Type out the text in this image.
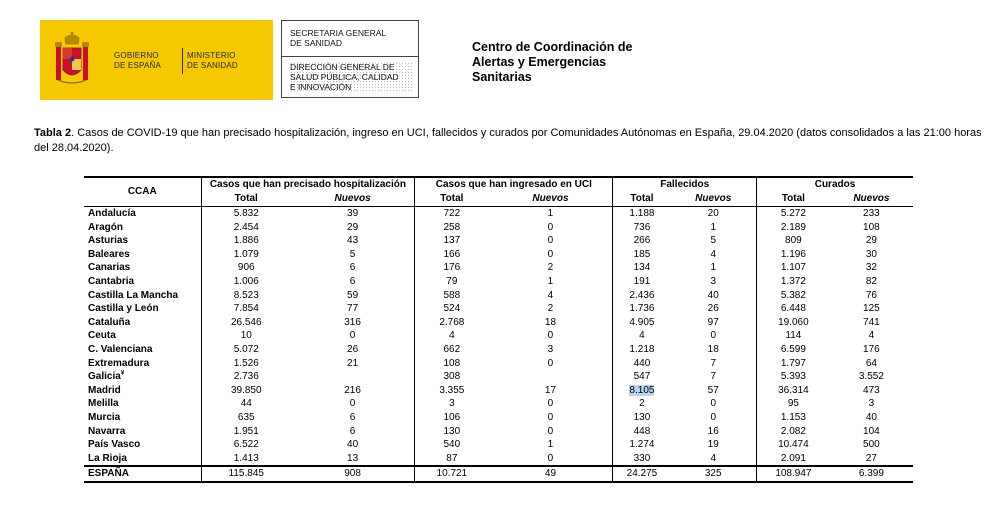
GOBIERNO
DE ESPAÑA
MINISTERIO
DE SANIDAD
SECRETARIA GENERAL
DE SANIDAD
DIRECCIÓN GENERAL DE
SALUD PÚBLICA, CALIDAD
E INNOVACIÓN
Centro de Coordinación de
Alertas y Emergencias
Sanitarias
Tabla 2. Casos de COVID-19 que han precisado hospitalización, ingreso en UCI, fallecidos y curados por Comunidades Autónomas en España, 29.04.2020 (datos consolidados a las 21:00 horas del 28.04.2020).
CCAA	Casos que han precisado hospitalización		Casos que han ingresado en UCI		Fallecidos		Curados	
	Total	Nuevos	Total	Nuevos	Total	Nuevos	Total	Nuevos
Andalucía	5.832	39	722	1	1.188	20	5.272	233
Aragón	2.454	29	258	0	736	1	2.189	108
Asturias	1.886	43	137	0	266	5	809	29
Baleares	1.079	5	166	0	185	4	1.196	30
Canarias	906	6	176	2	134	1	1.107	32
Cantabria	1.006	6	79	1	191	3	1.372	82
Castilla La Mancha	8.523	59	588	4	2.436	40	5.382	76
Castilla y León	7.854	77	524	2	1.736	26	6.448	125
Cataluña	26.546	316	2.768	18	4.905	97	19.060	741
Ceuta	10	0	4	0	4	0	114	4
C. Valenciana	5.072	26	662	3	1.218	18	6.599	176
Extremadura	1.526	21	108	0	440	7	1.797	64
Galicia¥	2.736		308		547	7	5.393	3.552
Madrid	39.850	216	3.355	17	8.105	57	36.314	473
Melilla	44	0	3	0	2	0	95	3
Murcia	635	6	106	0	130	0	1.153	40
Navarra	1.951	6	130	0	448	16	2.082	104
País Vasco	6.522	40	540	1	1.274	19	10.474	500
La Rioja	1.413	13	87	0	330	4	2.091	27
ESPAÑA	115.845	908	10.721	49	24.275	325	108.947	6.399
